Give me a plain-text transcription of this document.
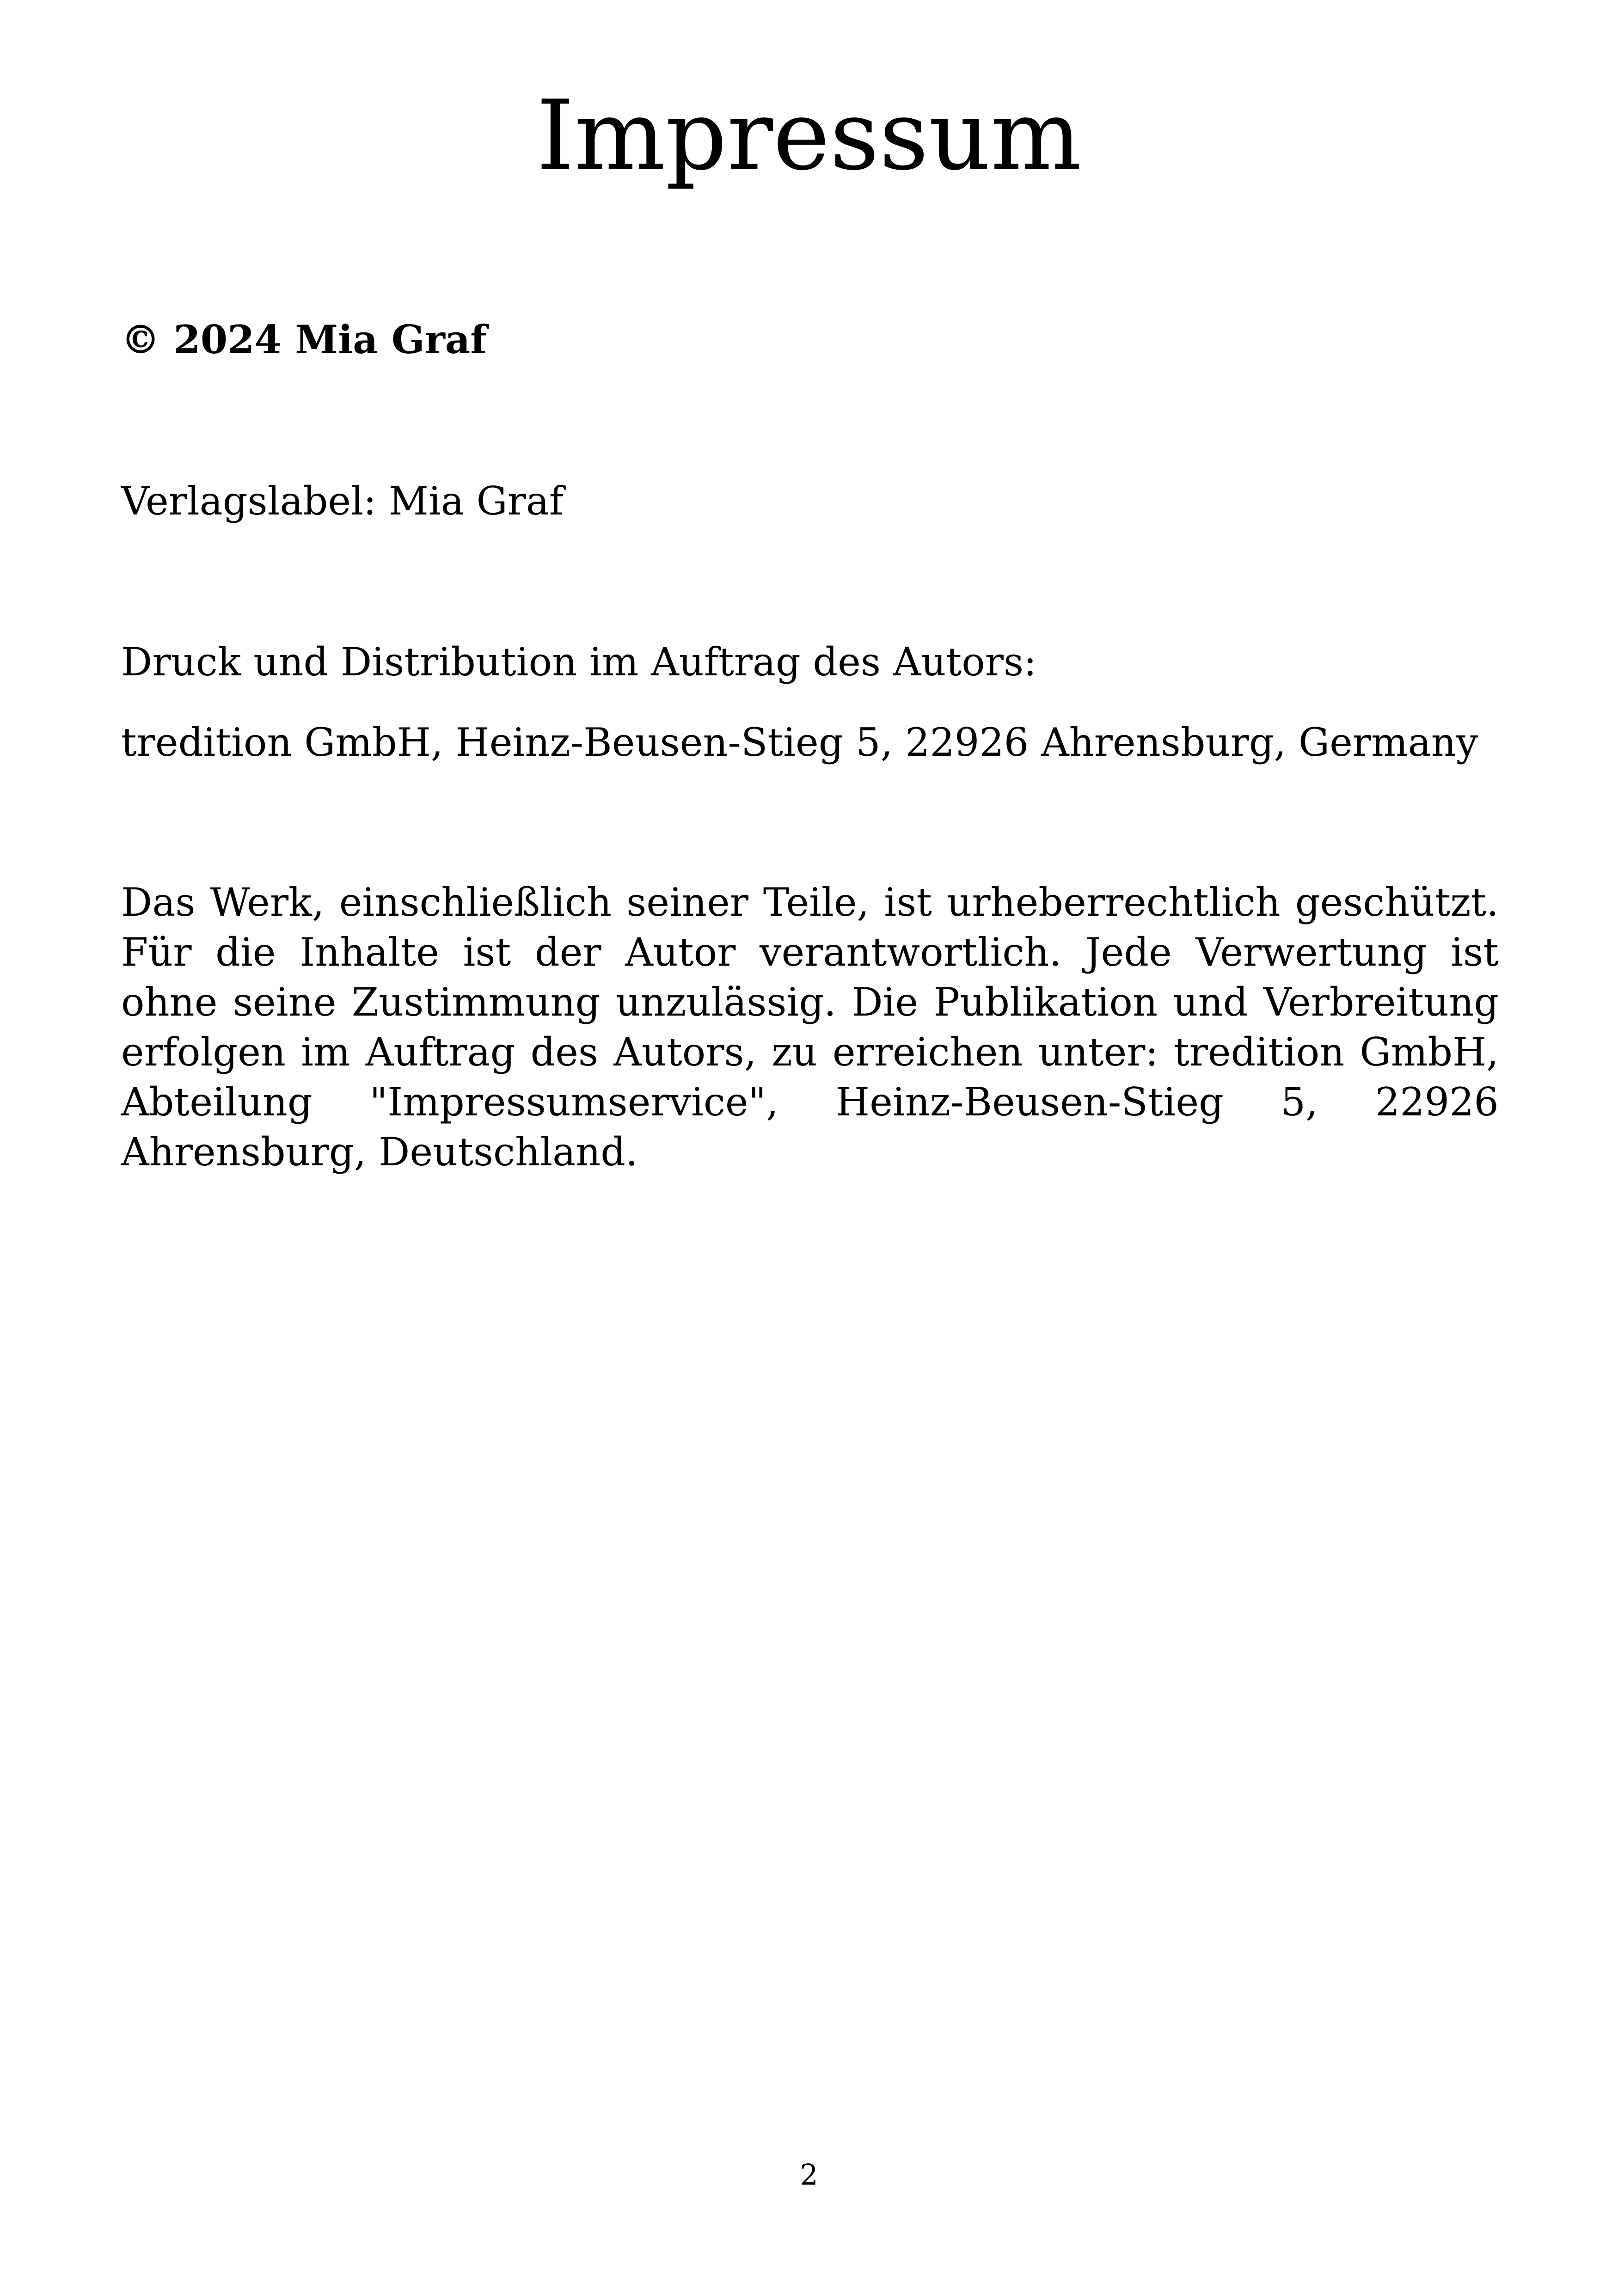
Impressum

© 2024 Mia Graf

Verlagslabel: Mia Graf

Druck und Distribution im Auftrag des Autors:

tredition GmbH, Heinz-Beusen-Stieg 5, 22926 Ahrensburg, Germany

Das Werk, einschließlich seiner Teile, ist urheberrechtlich geschützt. Für die Inhalte ist der Autor verantwortlich. Jede Verwertung ist ohne seine Zustimmung unzulässig. Die Publikation und Verbreitung erfolgen im Auftrag des Autors, zu erreichen unter: tredition GmbH, Abteilung "Impressumservice", Heinz-Beusen-Stieg 5, 22926 Ahrensburg, Deutschland.

2
